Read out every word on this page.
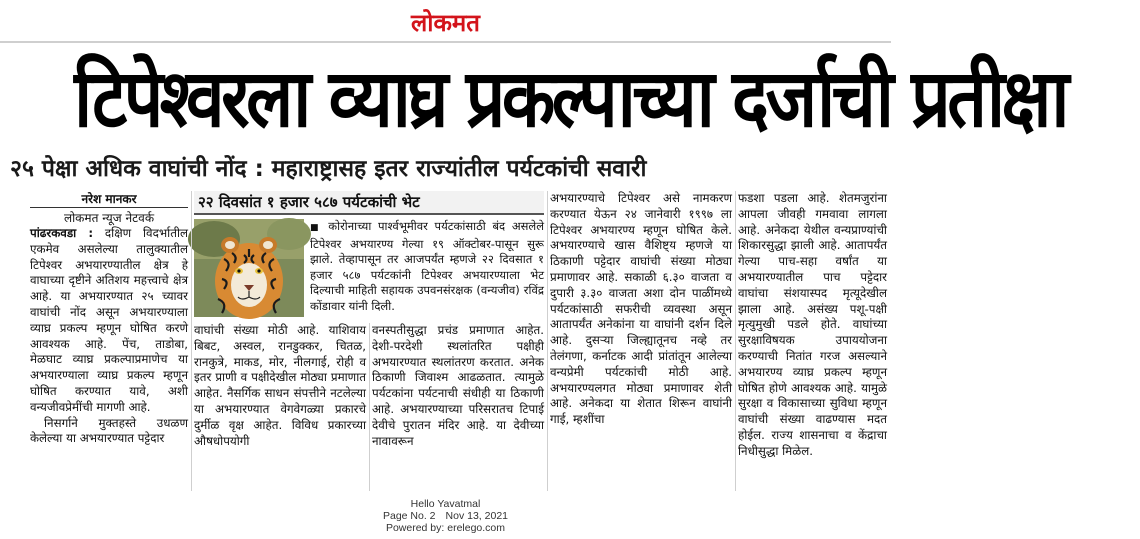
लोकमत
टिपेश्वरला व्याघ्र प्रकल्पाच्या दर्जाची प्रतीक्षा
२५ पेक्षा अधिक वाघांची नोंद : महाराष्ट्रासह इतर राज्यांतील पर्यटकांची सवारी
नरेश मानकर
लोकमत न्यूज नेटवर्क

पांढरकवडा : दक्षिण विदर्भातील एकमेव असलेल्या तालुक्यातील टिपेश्वर अभयारण्यातील क्षेत्र हे वाघाच्या दृष्टीने अतिशय महत्त्वाचे क्षेत्र आहे. या अभयारण्यात २५ च्यावर वाघांची नोंद असून अभयारण्याला व्याघ्र प्रकल्प म्हणून घोषित करणे आवश्यक आहे. पेंच, ताडोबा, मेळघाट व्याघ्र प्रकल्पाप्रमाणेच या अभयारण्याला व्याघ्र प्रकल्प म्हणून घोषित करण्यात यावे, अशी वन्यजीवप्रेमींची मागणी आहे.

निसर्गाने मुक्तहस्ते उधळण केलेल्या या अभयारण्यात पट्टेदार

२२ दिवसांत १ हजार ५८७ पर्यटकांची भेट
■ कोरोनाच्या पार्श्वभूमीवर पर्यटकांसाठी बंद असलेले टिपेश्वर अभयारण्य गेल्या १९ ऑक्टोबर-पासून सुरू झाले. तेव्हापासून तर आजपर्यंत म्हणजे २२ दिवसात १ हजार ५८७ पर्यटकांनी टिपेश्वर अभयारण्याला भेट दिल्याची माहिती सहायक उपवनसंरक्षक (वन्यजीव) रविंद्र कोंडावार यांनी दिली.

वाघांची संख्या मोठी आहे. याशिवाय बिबट, अस्वल, रानडुक्कर, चितळ, रानकुत्रे, माकड, मोर, नीलगाई, रोही व इतर प्राणी व पक्षीदेखील मोठ्या प्रमाणात आहेत. नैसर्गिक साधन संपत्तीने नटलेल्या या अभयारण्यात वेगवेगळ्या प्रकारचे दुर्मीळ वृक्ष आहेत. विविध प्रकारच्या औषधोपयोगी

वनस्पतीसुद्धा प्रचंड प्रमाणात आहेत. देशी-परदेशी स्थलांतरित पक्षीही अभयारण्यात स्थलांतरण करतात. अनेक ठिकाणी जिवाश्म आढळतात. त्यामुळे पर्यटकांना पर्यटनाची संधीही या ठिकाणी आहे. अभयारण्याच्या परिसरातच टिपाई देवीचे पुरातन मंदिर आहे. या देवीच्या नावावरून

अभयारण्याचे टिपेश्वर असे नामकरण करण्यात येऊन २४ जानेवारी १९९७ ला टिपेश्वर अभयारण्य म्हणून घोषित केले. अभयारण्याचे खास वैशिष्ट्य म्हणजे या ठिकाणी पट्टेदार वाघांची संख्या मोठ्या प्रमाणावर आहे. सकाळी ६.३० वाजता व दुपारी ३.३० वाजता अशा दोन पाळींमध्ये पर्यटकांसाठी सफरीची व्यवस्था असून आतापर्यंत अनेकांना या वाघांनी दर्शन दिले आहे. दुसऱ्या जिल्ह्यातूनच नव्हे तर तेलंगणा, कर्नाटक आदी प्रांतांतून आलेल्या वन्यप्रेमी पर्यटकांची मोठी आहे. अभयारण्यलगत मोठ्या प्रमाणावर शेती आहे. अनेकदा या शेतात शिरून वाघांनी गाई, म्हशींचा

फडशा पडला आहे. शेतमजुरांना आपला जीवही गमवावा लागला आहे. अनेकदा येथील वन्यप्राण्यांची शिकारसुद्धा झाली आहे. आतापर्यंत गेल्या पाच-सहा वर्षांत या अभयारण्यातील पाच पट्टेदार वाघांचा संशयास्पद मृत्यूदेखील झाला आहे. असंख्य पशू-पक्षी मृत्युमुखी पडले होते. वाघांच्या सुरक्षाविषयक उपाययोजना करण्याची नितांत गरज असल्याने अभयारण्य व्याघ्र प्रकल्प म्हणून घोषित होणे आवश्यक आहे. यामुळे सुरक्षा व विकासाच्या सुविधा म्हणून वाघांची संख्या वाढण्यास मदत होईल. राज्य शासनाचा व केंद्राचा निधीसुद्धा मिळेल.

Hello Yavatmal
Page No. 2 Nov 13, 2021
Powered by: erelego.com
